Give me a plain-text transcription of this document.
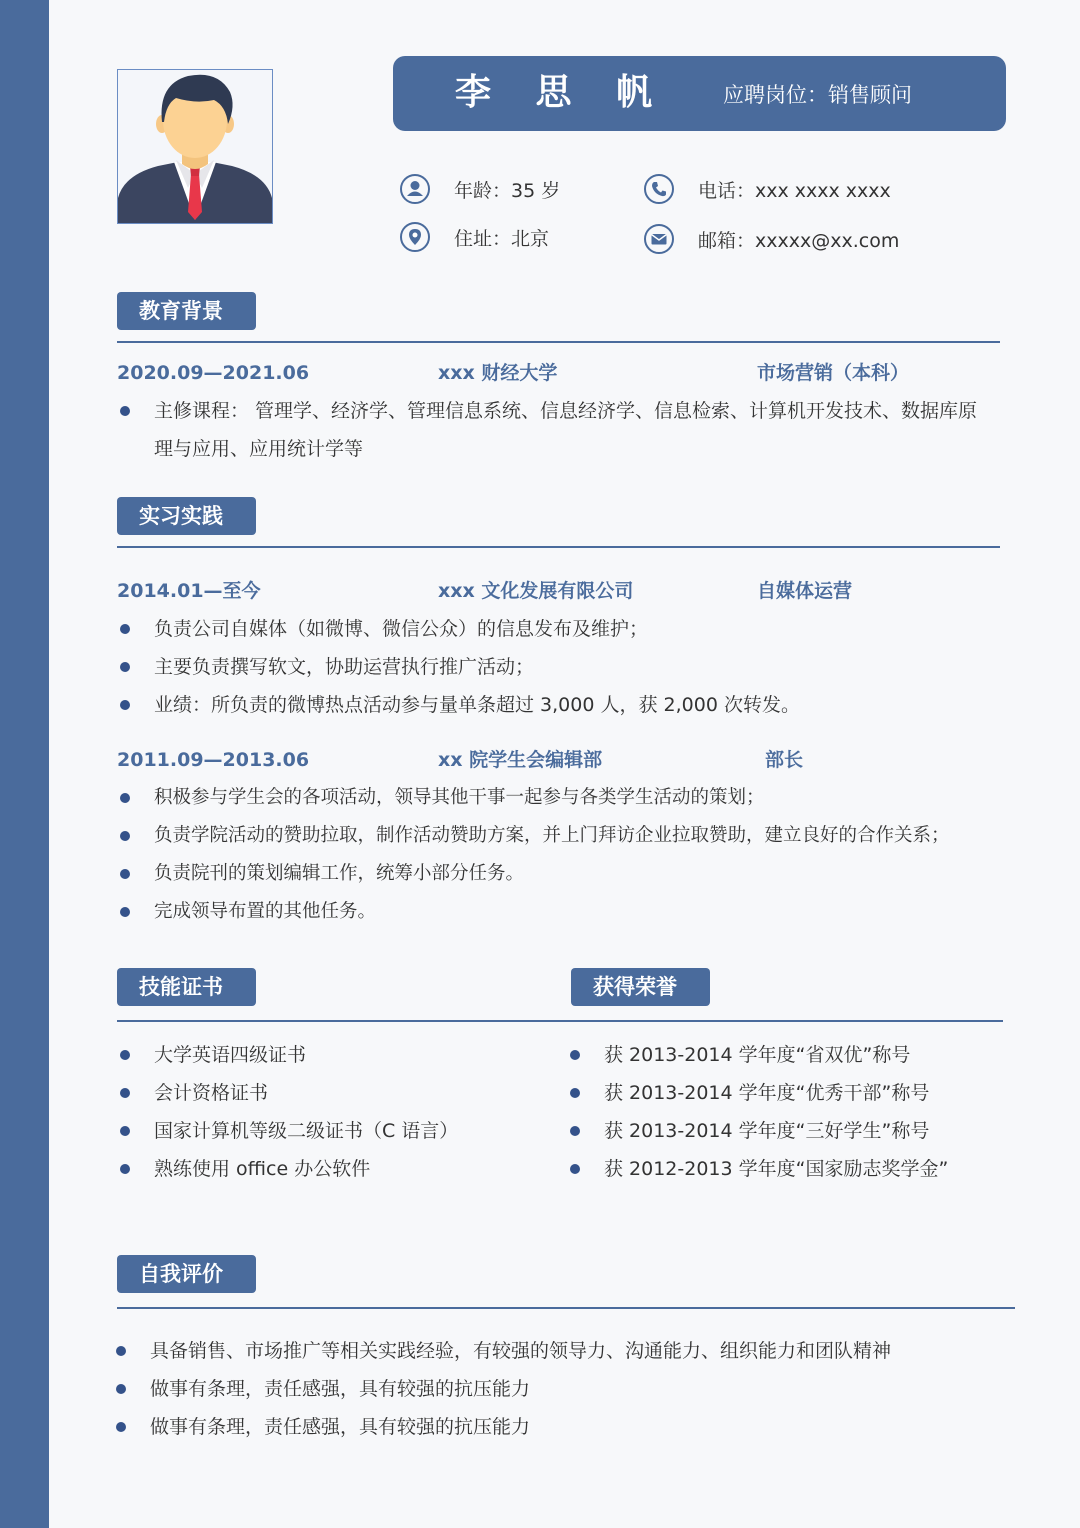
李 思 帆	应聘岗位：销售顾问
年龄：35 岁
住址：北京
电话：xxx xxxx xxxx
邮箱：xxxxx@xx.com
教育背景
2020.09—2021.06	xxx 财经大学	市场营销（本科）
主修课程： 管理学、经济学、管理信息系统、信息经济学、信息检索、计算机开发技术、数据库原理与应用、应用统计学等
实习实践
2014.01—至今	xxx 文化发展有限公司	自媒体运营
负责公司自媒体（如微博、微信公众）的信息发布及维护；
主要负责撰写软文，协助运营执行推广活动；
业绩：所负责的微博热点活动参与量单条超过 3,000 人，获 2,000 次转发。
2011.09—2013.06	xx 院学生会编辑部	部长
积极参与学生会的各项活动，领导其他干事一起参与各类学生活动的策划；
负责学院活动的赞助拉取，制作活动赞助方案，并上门拜访企业拉取赞助，建立良好的合作关系；
负责院刊的策划编辑工作，统筹小部分任务。
完成领导布置的其他任务。
技能证书	获得荣誉
大学英语四级证书
会计资格证书
国家计算机等级二级证书（C 语言）
熟练使用 office 办公软件
获 2013-2014 学年度“省双优”称号
获 2013-2014 学年度“优秀干部”称号
获 2013-2014 学年度“三好学生”称号
获 2012-2013 学年度“国家励志奖学金”
自我评价
具备销售、市场推广等相关实践经验，有较强的领导力、沟通能力、组织能力和团队精神
做事有条理，责任感强，具有较强的抗压能力
做事有条理，责任感强，具有较强的抗压能力
